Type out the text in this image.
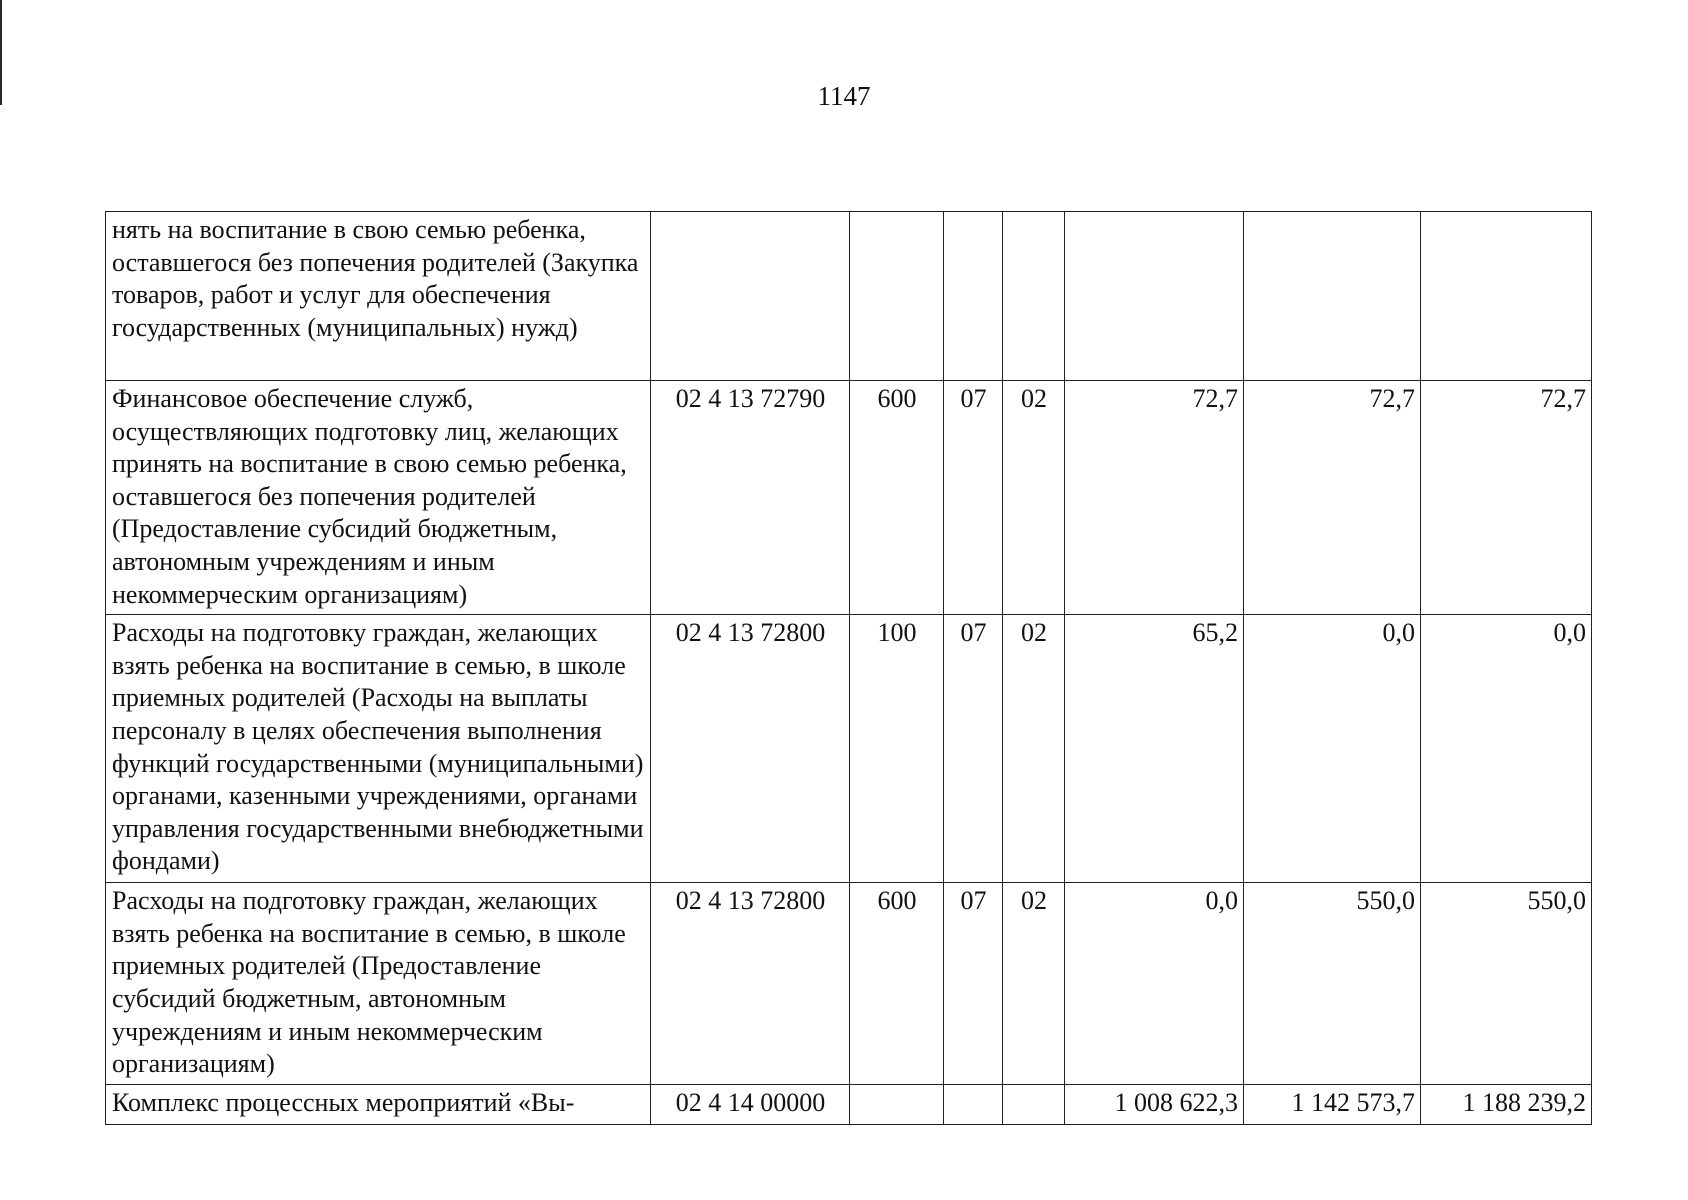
1147
нять на воспитание в свою семью ребенка, оставшегося без попечения родителей (Закупка товаров, работ и услуг для обеспечения государственных (муниципальных) нужд)							
Финансовое обеспечение служб, осуществляющих подготовку лиц, желающих принять на воспитание в свою семью ребенка, оставшегося без попечения родителей (Предоставление субсидий бюджетным, автономным учреждениям и иным некоммерческим организациям)	02 4 13 72790	600	07	02	72,7	72,7	72,7
Расходы на подготовку граждан, желающих взять ребенка на воспитание в семью, в школе приемных родителей (Расходы на выплаты персоналу в целях обеспечения выполнения функций государственными (муниципальными) органами, казенными учреждениями, органами управления государственными внебюджетными фондами)	02 4 13 72800	100	07	02	65,2	0,0	0,0
Расходы на подготовку граждан, желающих взять ребенка на воспитание в семью, в школе приемных родителей (Предоставление субсидий бюджетным, автономным учреждениям и иным некоммерческим организациям)	02 4 13 72800	600	07	02	0,0	550,0	550,0
Комплекс процессных мероприятий «Вы-	02 4 14 00000				1 008 622,3	1 142 573,7	1 188 239,2
